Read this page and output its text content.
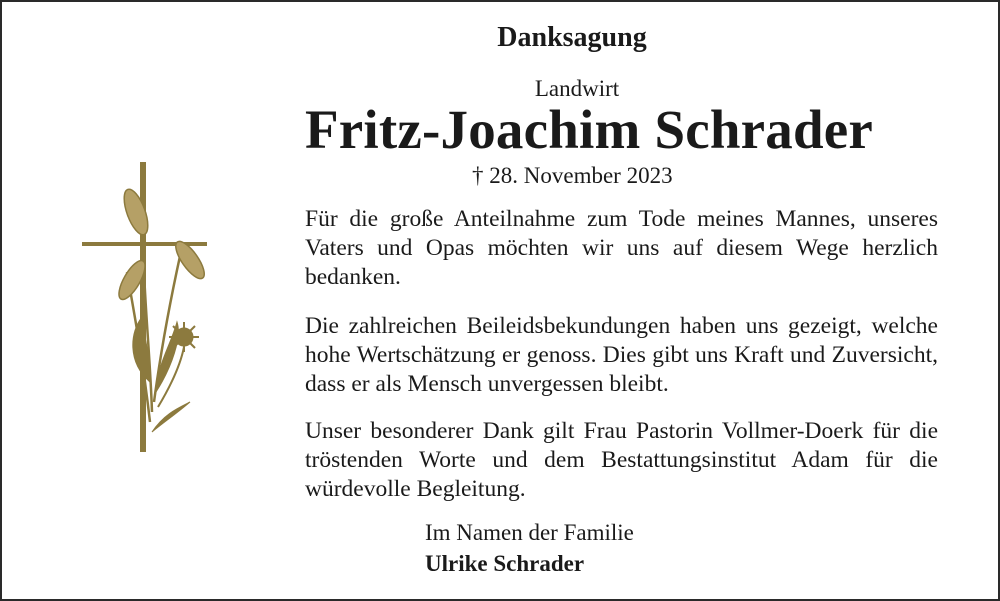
Danksagung
Landwirt
Fritz-Joachim Schrader
† 28. November 2023

Für die große Anteilnahme zum Tode meines Mannes, unseres Vaters und Opas möchten wir uns auf diesem Wege herzlich bedanken.

Die zahlreichen Beileidsbekundungen haben uns gezeigt, welche hohe Wertschätzung er genoss. Dies gibt uns Kraft und Zuversicht, dass er als Mensch unvergessen bleibt.

Unser besonderer Dank gilt Frau Pastorin Vollmer-Doerk für die tröstenden Worte und dem Bestattungsinstitut Adam für die würdevolle Begleitung.

Im Namen der Familie
Ulrike Schrader
